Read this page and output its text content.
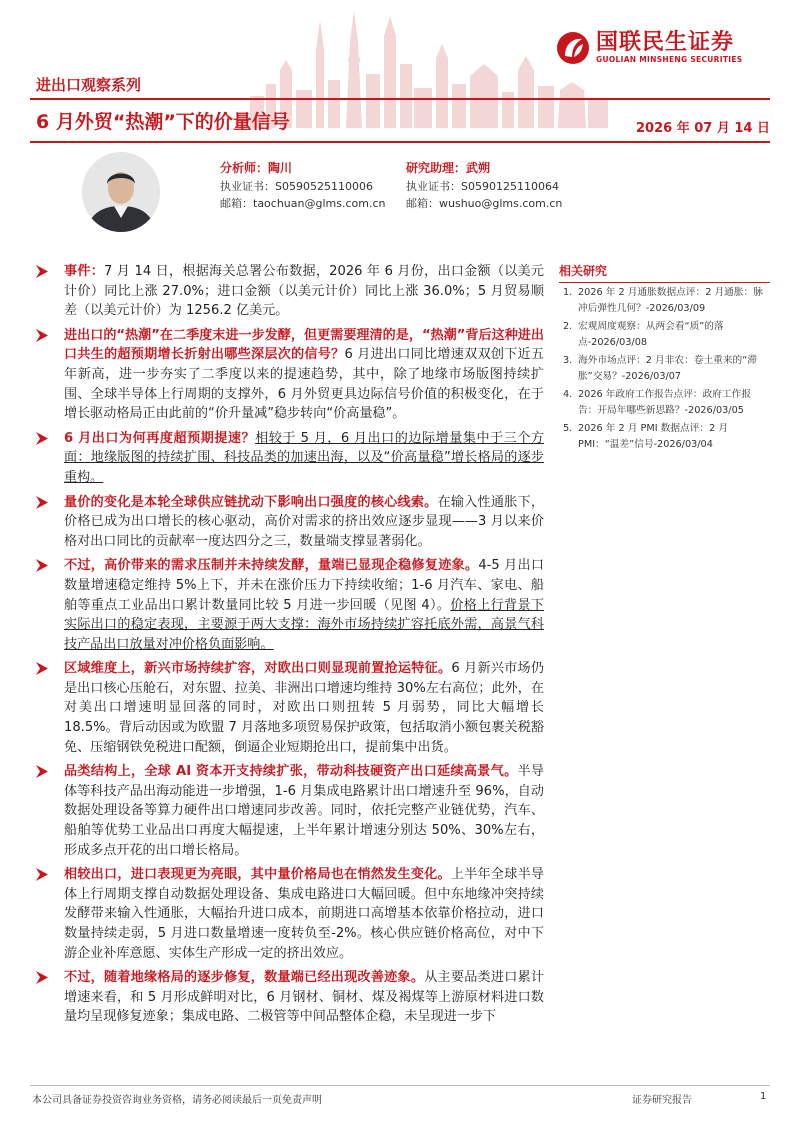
国联民生证券
GUOLIAN MINSHENG SECURITIES
进出口观察系列
6 月外贸“热潮”下的价量信号	2026 年 07 月 14 日
分析师：陶川
执业证书：S0590525110006
邮箱：taochuan@glms.com.cn
研究助理：武朔
执业证书：S0590125110064
邮箱：wushuo@glms.com.cn
事件：7 月 14 日，根据海关总署公布数据，2026 年 6 月份，出口金额（以美元计价）同比上涨 27.0%；进口金额（以美元计价）同比上涨 36.0%；5 月贸易顺差（以美元计价）为 1256.2 亿美元。
进出口的“热潮”在二季度末进一步发酵，但更需要理清的是，“热潮”背后这种进出口共生的超预期增长折射出哪些深层次的信号？6 月进出口同比增速双双创下近五年新高，进一步夯实了二季度以来的提速趋势，其中，除了地缘市场版图持续扩围、全球半导体上行周期的支撑外，6 月外贸更具边际信号价值的积极变化，在于增长驱动格局正由此前的“价升量减”稳步转向“价高量稳”。
6 月出口为何再度超预期提速？相较于 5 月，6 月出口的边际增量集中于三个方面：地缘版图的持续扩围、科技品类的加速出海，以及“价高量稳”增长格局的逐步重构。
量价的变化是本轮全球供应链扰动下影响出口强度的核心线索。在输入性通胀下，价格已成为出口增长的核心驱动，高价对需求的挤出效应逐步显现——3 月以来价格对出口同比的贡献率一度达四分之三，数量端支撑显著弱化。
不过，高价带来的需求压制并未持续发酵，量端已显现企稳修复迹象。4-5 月出口数量增速稳定维持 5%上下，并未在涨价压力下持续收缩；1-6 月汽车、家电、船舶等重点工业品出口累计数量同比较 5 月进一步回暖（见图 4）。价格上行背景下实际出口的稳定表现，主要源于两大支撑：海外市场持续扩容托底外需，高景气科技产品出口放量对冲价格负面影响。
区域维度上，新兴市场持续扩容，对欧出口则显现前置抢运特征。6 月新兴市场仍是出口核心压舱石，对东盟、拉美、非洲出口增速均维持 30%左右高位；此外，在对美出口增速明显回落的同时，对欧出口则扭转 5 月弱势，同比大幅增长 18.5%。背后动因或为欧盟 7 月落地多项贸易保护政策，包括取消小额包裹关税豁免、压缩钢铁免税进口配额，倒逼企业短期抢出口，提前集中出货。
品类结构上，全球 AI 资本开支持续扩张，带动科技硬资产出口延续高景气。半导体等科技产品出海动能进一步增强，1-6 月集成电路累计出口增速升至 96%，自动数据处理设备等算力硬件出口增速同步改善。同时，依托完整产业链优势，汽车、船舶等优势工业品出口再度大幅提速，上半年累计增速分别达 50%、30%左右，形成多点开花的出口增长格局。
相较出口，进口表现更为亮眼，其中量价格局也在悄然发生变化。上半年全球半导体上行周期支撑自动数据处理设备、集成电路进口大幅回暖。但中东地缘冲突持续发酵带来输入性通胀，大幅抬升进口成本，前期进口高增基本依靠价格拉动，进口数量持续走弱，5 月进口数量增速一度转负至-2%。核心供应链价格高位，对中下游企业补库意愿、实体生产形成一定的挤出效应。
不过，随着地缘格局的逐步修复，数量端已经出现改善迹象。从主要品类进口累计增速来看，和 5 月形成鲜明对比，6 月钢材、铜材、煤及褐煤等上游原材料进口数量均呈现修复迹象；集成电路、二极管等中间品整体企稳，未呈现进一步下
相关研究
1. 2026 年 2 月通胀数据点评：2 月通胀：脉冲后弹性几何？-2026/03/09
2. 宏观周度观察：从两会看“质”的落点-2026/03/08
3. 海外市场点评：2 月非农：卷土重来的“滞胀”交易？-2026/03/07
4. 2026 年政府工作报告点评：政府工作报告：开局年哪些新思路？-2026/03/05
5. 2026 年 2 月 PMI 数据点评：2 月 PMI：“温差”信号-2026/03/04
本公司具备证券投资咨询业务资格，请务必阅读最后一页免责声明	证券研究报告	1
